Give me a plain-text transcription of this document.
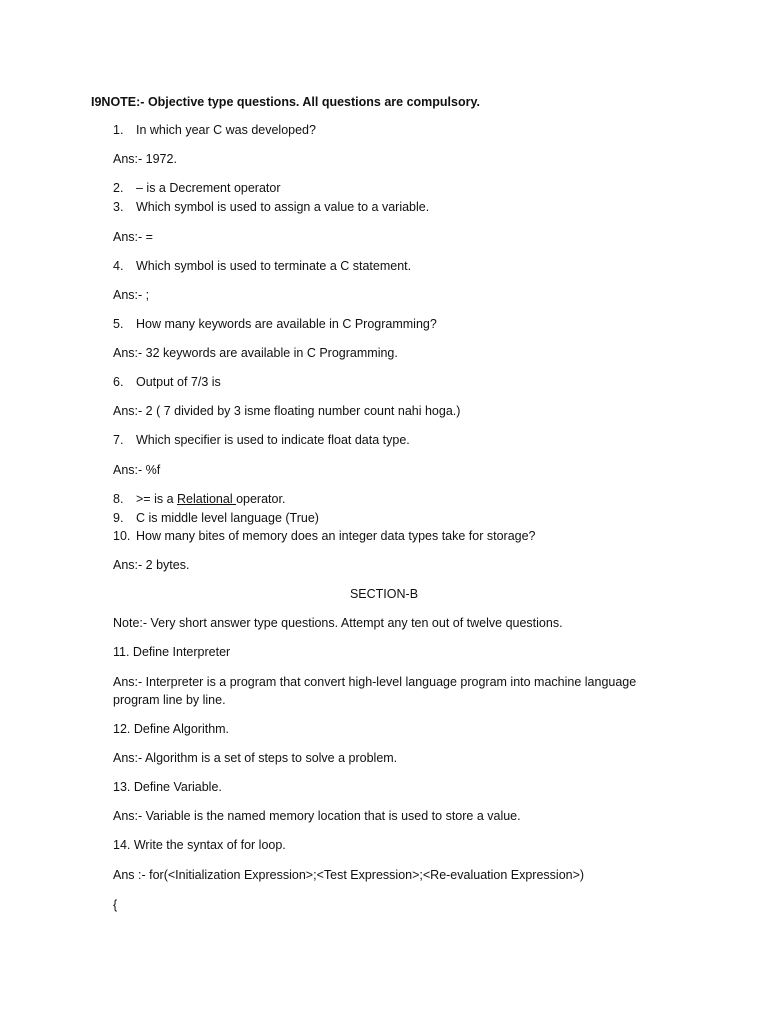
I9NOTE:- Objective type questions. All questions are compulsory.
1. In which year C was developed?
Ans:- 1972.
2. – is a Decrement operator
3. Which symbol is used to assign a value to a variable.
Ans:- =
4. Which symbol is used to terminate a C statement.
Ans:- ;
5. How many keywords are available in C Programming?
Ans:- 32 keywords are available in C Programming.
6. Output of 7/3 is
Ans:- 2 ( 7 divided by 3 isme floating number count nahi hoga.)
7. Which specifier is used to indicate float data type.
Ans:- %f
8. >= is a Relational operator.
9. C is middle level language (True)
10. How many bites of memory does an integer data types take for storage?
Ans:- 2 bytes.
SECTION-B
Note:- Very short answer type questions. Attempt any ten out of twelve questions.
11. Define Interpreter
Ans:- Interpreter is a program that convert high-level language program into machine language
program line by line.
12. Define Algorithm.
Ans:- Algorithm is a set of steps to solve a problem.
13. Define Variable.
Ans:- Variable is the named memory location that is used to store a value.
14. Write the syntax of for loop.
Ans :- for(<Initialization Expression>;<Test Expression>;<Re-evaluation Expression>)
{
